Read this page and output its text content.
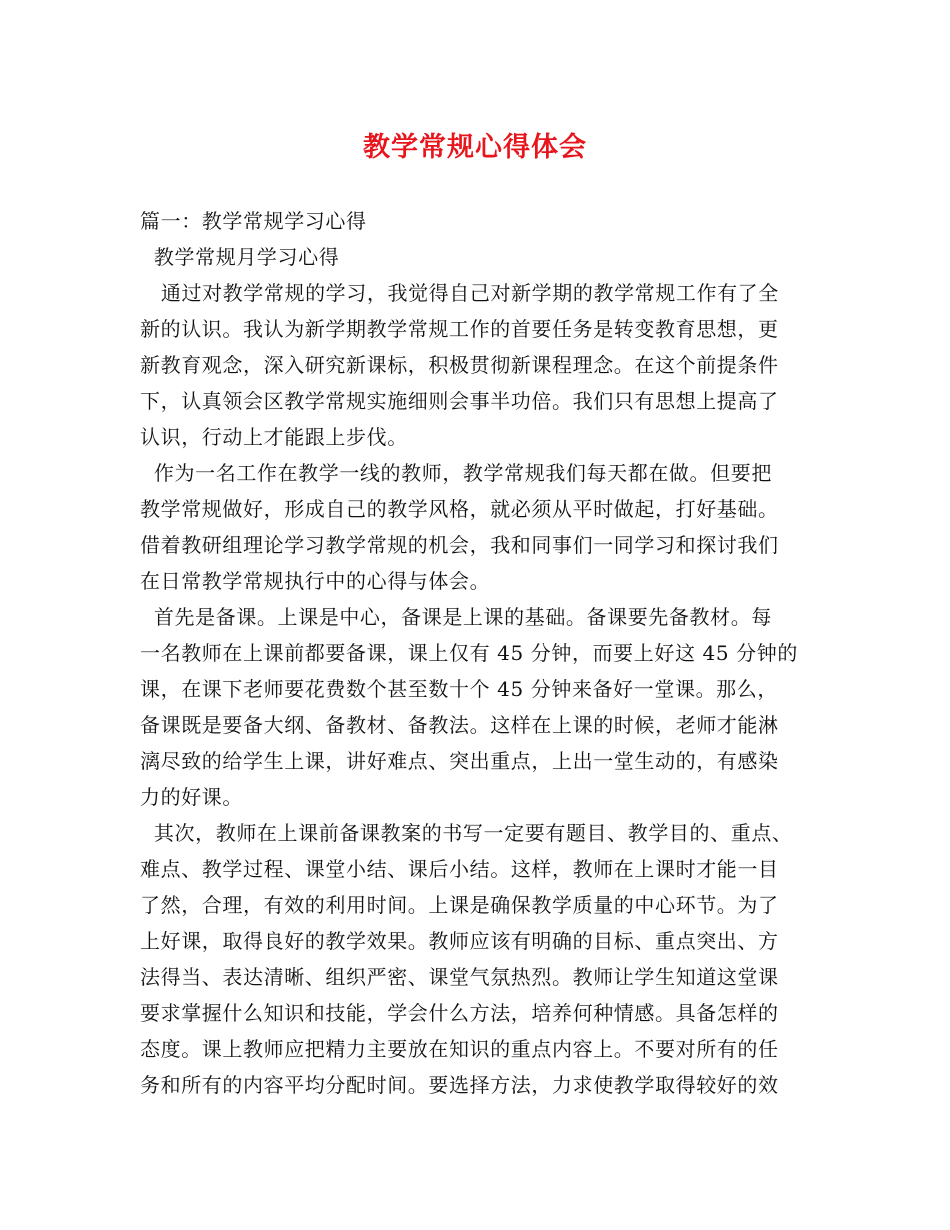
教学常规心得体会
篇一：教学常规学习心得
教学常规月学习心得
通过对教学常规的学习，我觉得自己对新学期的教学常规工作有了全
新的认识。我认为新学期教学常规工作的首要任务是转变教育思想，更
新教育观念，深入研究新课标，积极贯彻新课程理念。在这个前提条件
下，认真领会区教学常规实施细则会事半功倍。我们只有思想上提高了
认识，行动上才能跟上步伐。
作为一名工作在教学一线的教师，教学常规我们每天都在做。但要把
教学常规做好，形成自己的教学风格，就必须从平时做起，打好基础。
借着教研组理论学习教学常规的机会，我和同事们一同学习和探讨我们
在日常教学常规执行中的心得与体会。
首先是备课。上课是中心，备课是上课的基础。备课要先备教材。每
一名教师在上课前都要备课，课上仅有 45 分钟，而要上好这 45 分钟的
课，在课下老师要花费数个甚至数十个 45 分钟来备好一堂课。那么，
备课既是要备大纲、备教材、备教法。这样在上课的时候，老师才能淋
漓尽致的给学生上课，讲好难点、突出重点，上出一堂生动的，有感染
力的好课。
其次，教师在上课前备课教案的书写一定要有题目、教学目的、重点、
难点、教学过程、课堂小结、课后小结。这样，教师在上课时才能一目
了然，合理，有效的利用时间。上课是确保教学质量的中心环节。为了
上好课，取得良好的教学效果。教师应该有明确的目标、重点突出、方
法得当、表达清晰、组织严密、课堂气氛热烈。教师让学生知道这堂课
要求掌握什么知识和技能，学会什么方法，培养何种情感。具备怎样的
态度。课上教师应把精力主要放在知识的重点内容上。不要对所有的任
务和所有的内容平均分配时间。要选择方法，力求使教学取得较好的效
